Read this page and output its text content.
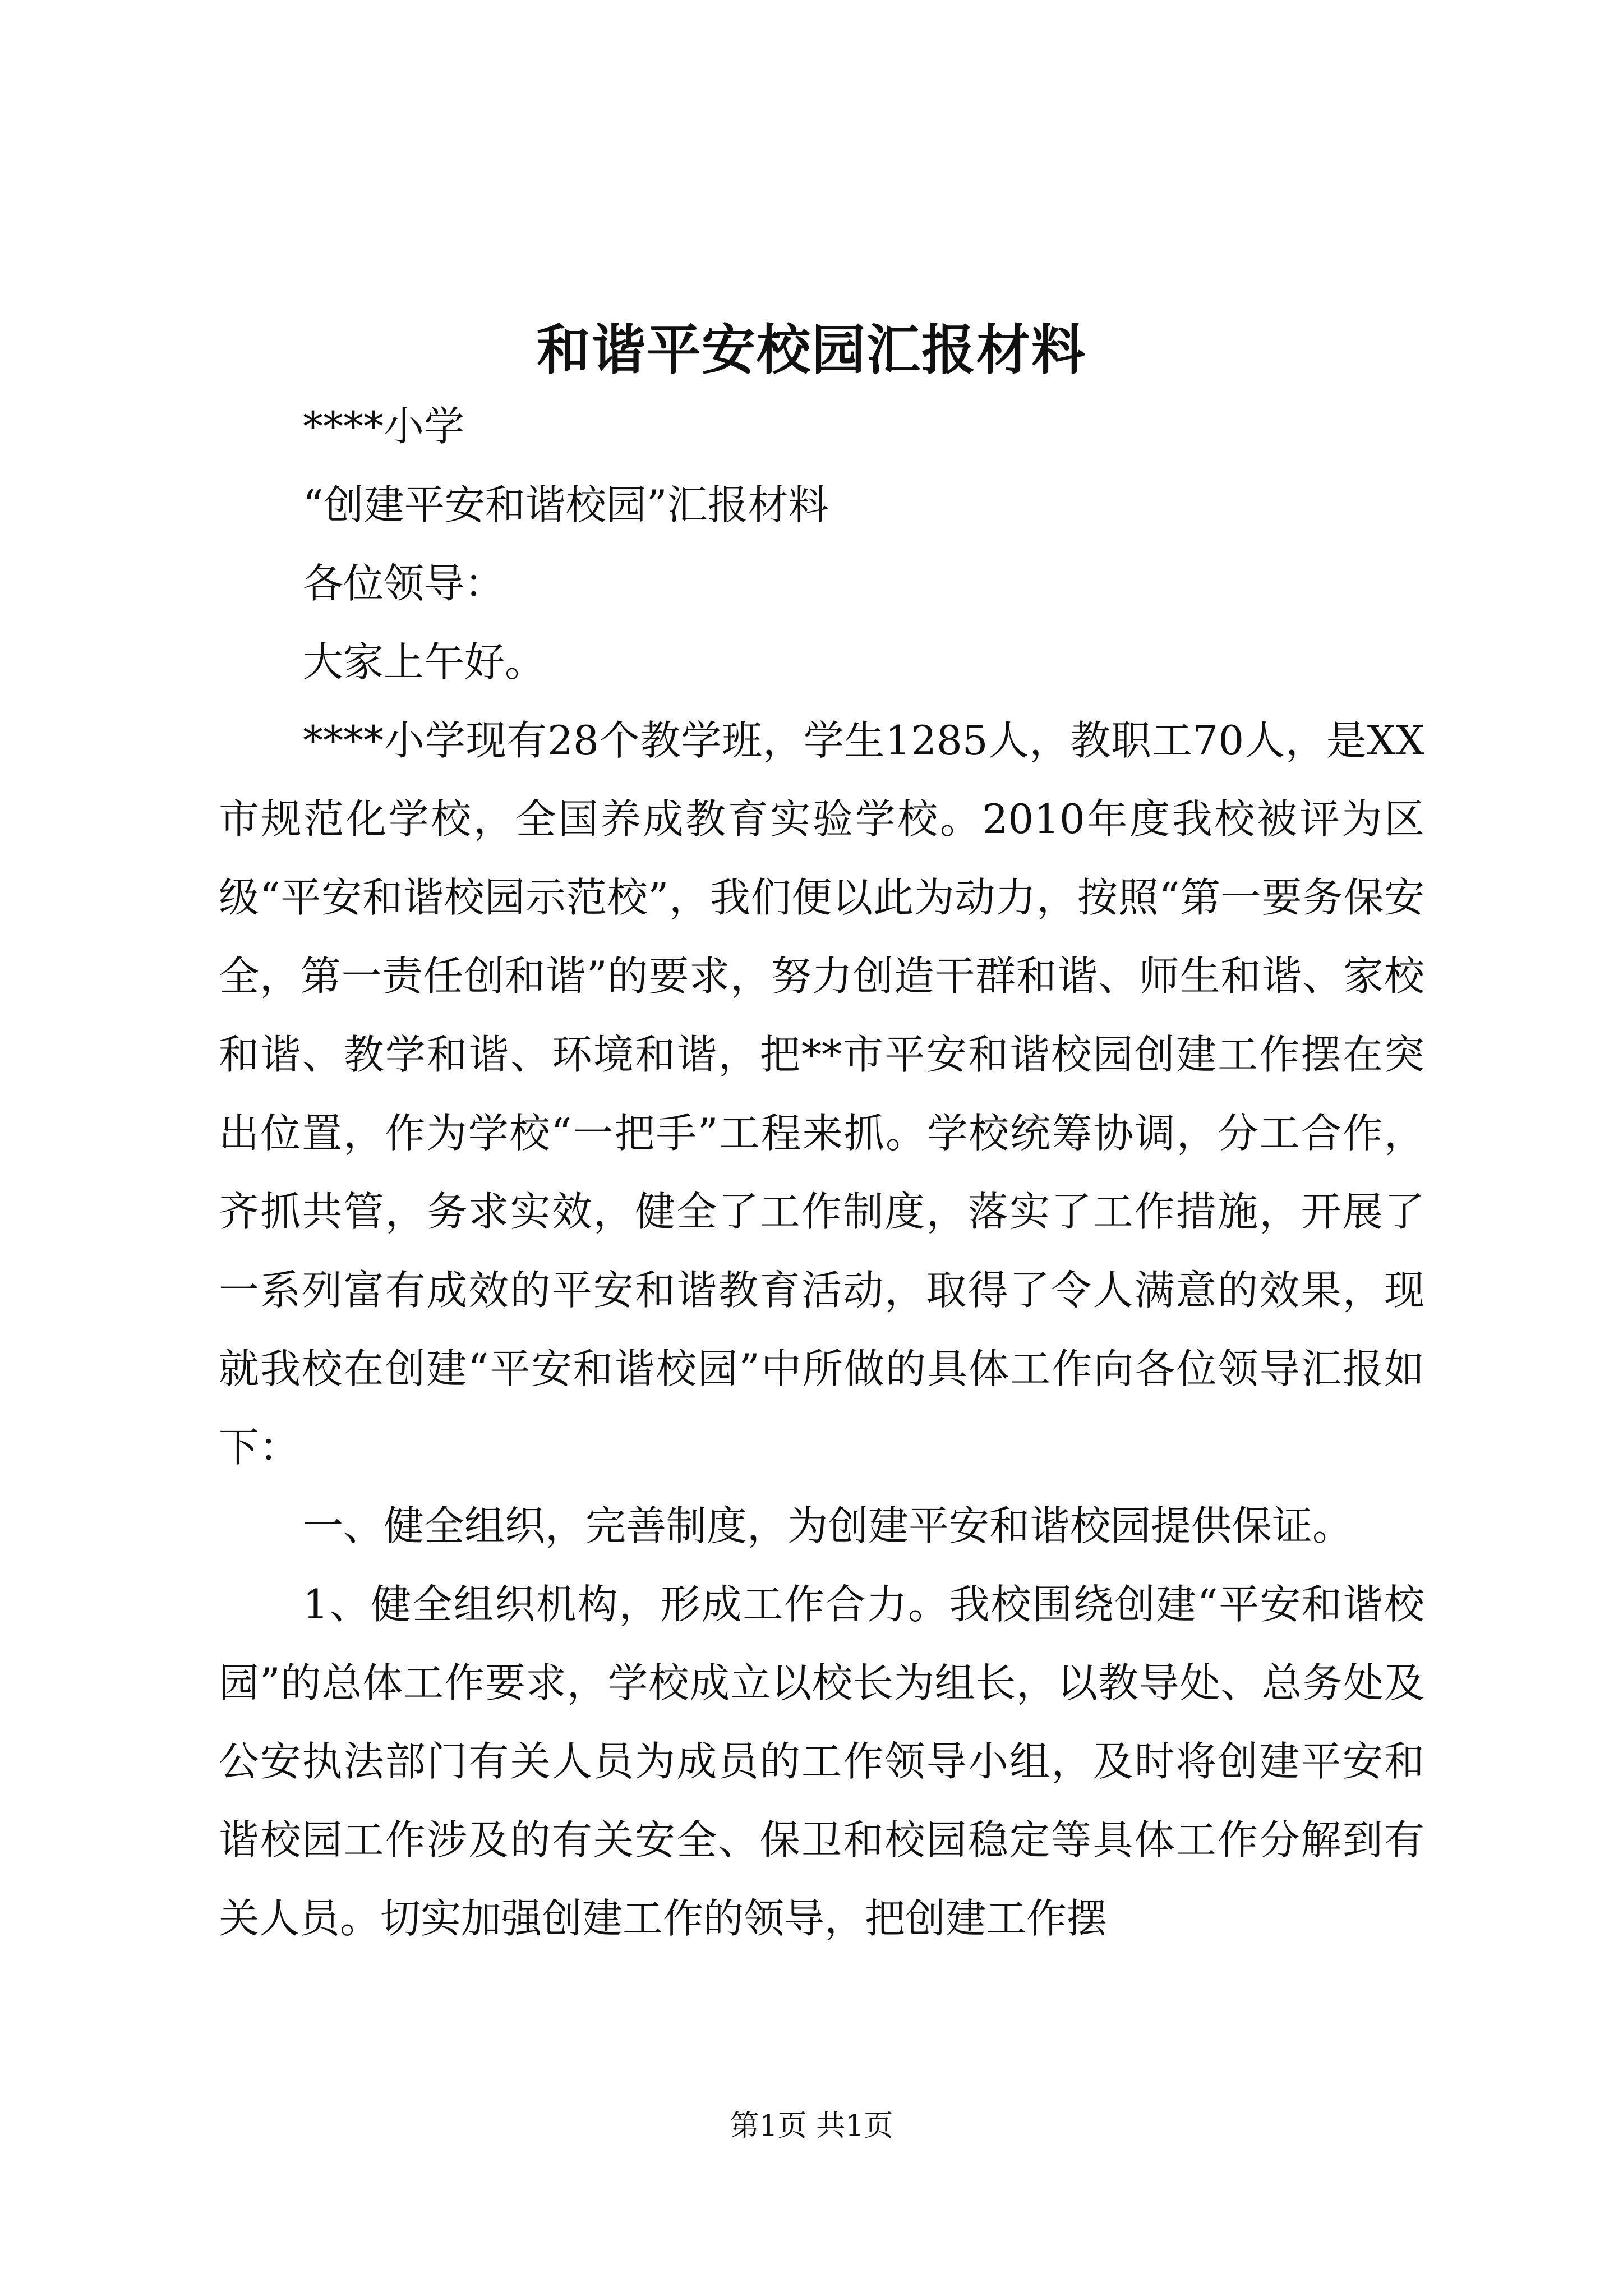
和谐平安校园汇报材料

****小学

“创建平安和谐校园”汇报材料

各位领导：

大家上午好。

****小学现有28个教学班，学生1285人，教职工70人，是XX市规范化学校，全国养成教育实验学校。2010年度我校被评为区级“平安和谐校园示范校”，我们便以此为动力，按照“第一要务保安全，第一责任创和谐”的要求，努力创造干群和谐、师生和谐、家校和谐、教学和谐、环境和谐，把**市平安和谐校园创建工作摆在突出位置，作为学校“一把手”工程来抓。学校统筹协调，分工合作，齐抓共管，务求实效，健全了工作制度，落实了工作措施，开展了一系列富有成效的平安和谐教育活动，取得了令人满意的效果，现就我校在创建“平安和谐校园”中所做的具体工作向各位领导汇报如下：

一、健全组织，完善制度，为创建平安和谐校园提供保证。

1、健全组织机构，形成工作合力。我校围绕创建“平安和谐校园”的总体工作要求，学校成立以校长为组长，以教导处、总务处及公安执法部门有关人员为成员的工作领导小组，及时将创建平安和谐校园工作涉及的有关安全、保卫和校园稳定等具体工作分解到有关人员。切实加强创建工作的领导，把创建工作摆

第1页 共1页
